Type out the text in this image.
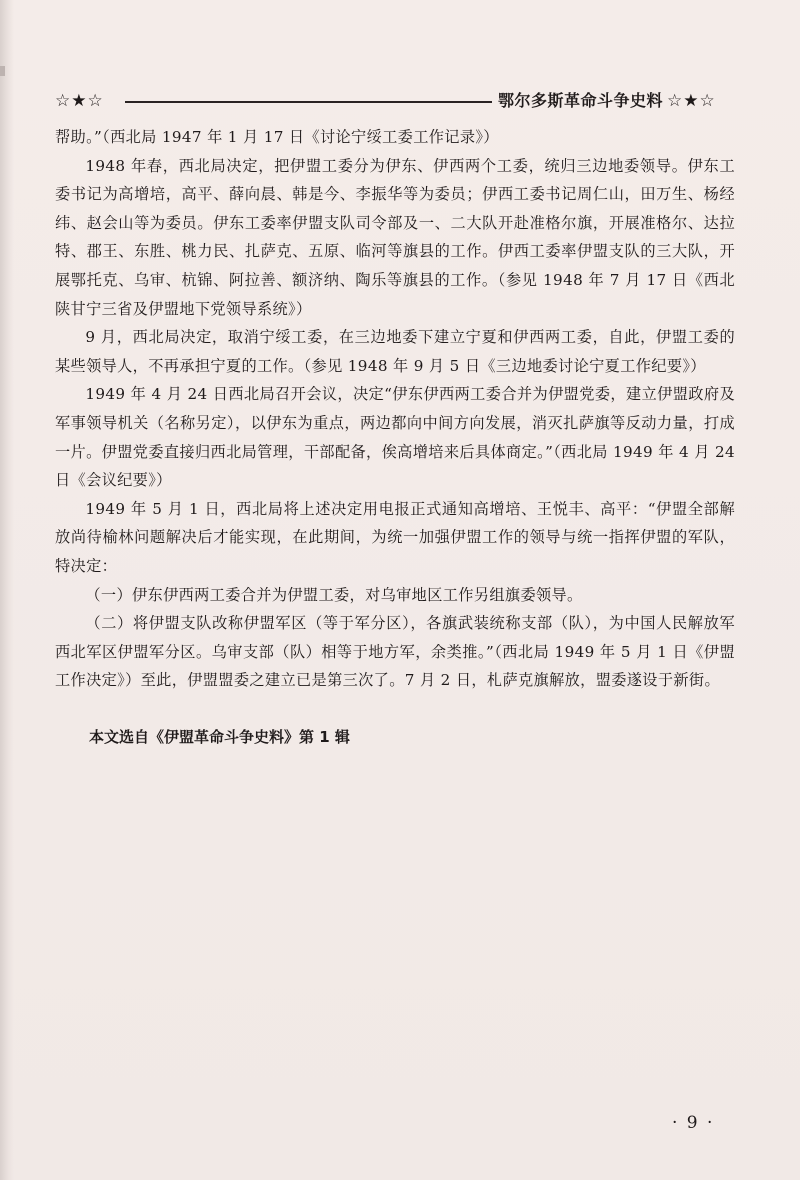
☆★☆	鄂尔多斯革命斗争史料 ☆★☆

帮助。”（西北局 1947 年 1 月 17 日《讨论宁绥工委工作记录》）

1948 年春，西北局决定，把伊盟工委分为伊东、伊西两个工委，统归三边地委领导。伊东工委书记为高增培，高平、薛向晨、韩是今、李振华等为委员；伊西工委书记周仁山，田万生、杨经纬、赵会山等为委员。伊东工委率伊盟支队司令部及一、二大队开赴准格尔旗，开展准格尔、达拉特、郡王、东胜、桃力民、扎萨克、五原、临河等旗县的工作。伊西工委率伊盟支队的三大队，开展鄂托克、乌审、杭锦、阿拉善、额济纳、陶乐等旗县的工作。（参见 1948 年 7 月 17 日《西北陕甘宁三省及伊盟地下党领导系统》）

9 月，西北局决定，取消宁绥工委，在三边地委下建立宁夏和伊西两工委，自此，伊盟工委的某些领导人，不再承担宁夏的工作。（参见 1948 年 9 月 5 日《三边地委讨论宁夏工作纪要》）

1949 年 4 月 24 日西北局召开会议，决定“伊东伊西两工委合并为伊盟党委，建立伊盟政府及军事领导机关（名称另定），以伊东为重点，两边都向中间方向发展，消灭扎萨旗等反动力量，打成一片。伊盟党委直接归西北局管理，干部配备，俟高增培来后具体商定。”（西北局 1949 年 4 月 24 日《会议纪要》）

1949 年 5 月 1 日，西北局将上述决定用电报正式通知高增培、王悦丰、高平：“伊盟全部解放尚待榆林问题解决后才能实现，在此期间，为统一加强伊盟工作的领导与统一指挥伊盟的军队，特决定：

（一）伊东伊西两工委合并为伊盟工委，对乌审地区工作另组旗委领导。

（二）将伊盟支队改称伊盟军区（等于军分区），各旗武装统称支部（队），为中国人民解放军西北军区伊盟军分区。乌审支部（队）相等于地方军，余类推。”（西北局 1949 年 5 月 1 日《伊盟工作决定》）至此，伊盟盟委之建立已是第三次了。7 月 2 日，札萨克旗解放，盟委遂设于新街。

本文选自《伊盟革命斗争史料》第 1 辑

· 9 ·
